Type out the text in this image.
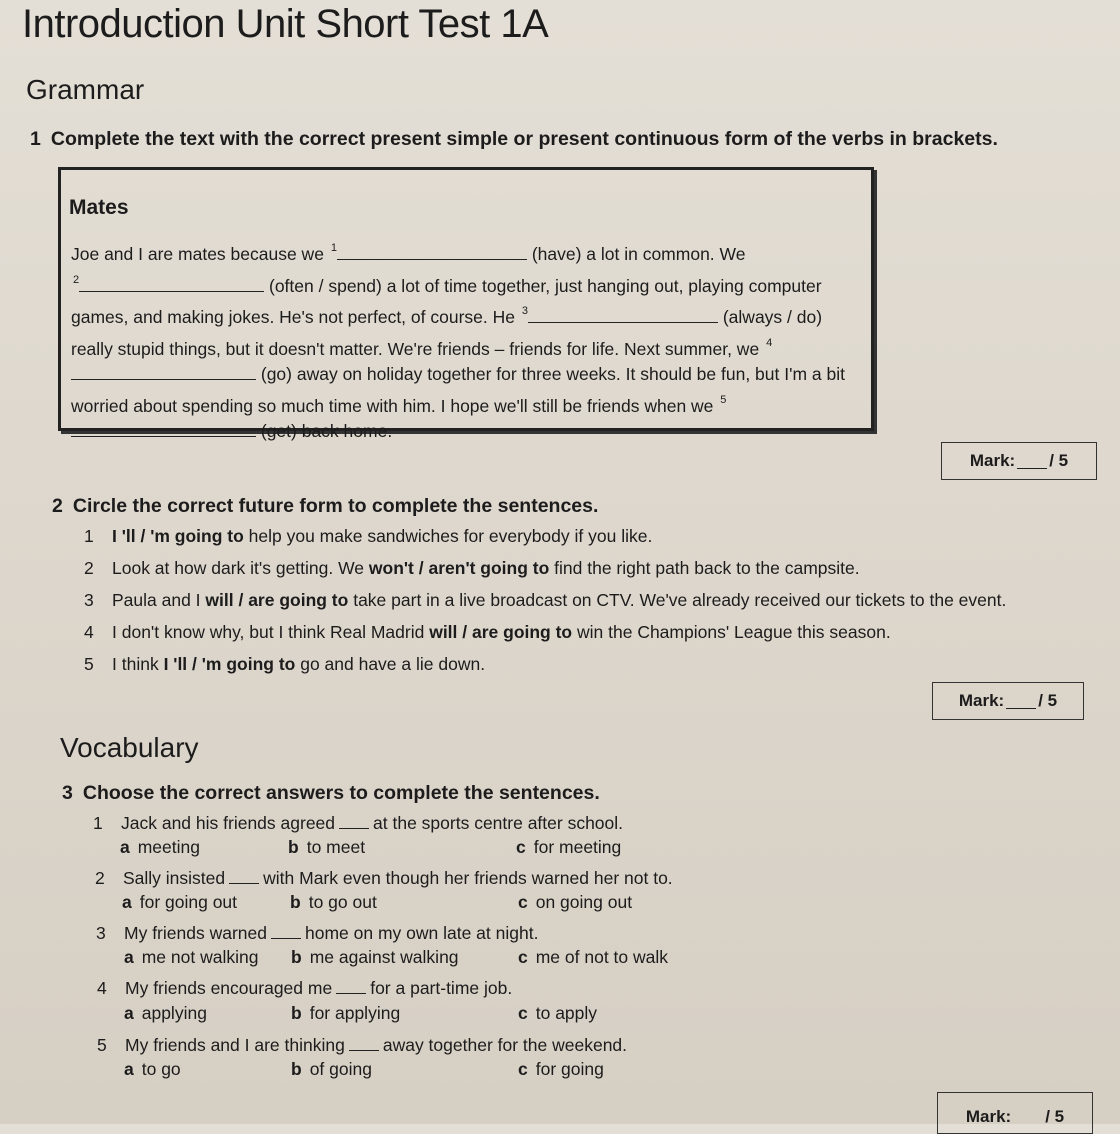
Introduction Unit Short Test 1A
Grammar
1 Complete the text with the correct present simple or present continuous form of the verbs in brackets.
Mates
Joe and I are mates because we $^1$	(have) a lot in common. We
$^2$	(often / spend) a lot of time together, just hanging out, playing computer games, and making jokes. He's not perfect, of course. He $^3$	(always / do) really stupid things, but it doesn't matter. We're friends – friends for life. Next summer, we $^4$ (go) away on holiday together for three weeks. It should be fun, but I'm a bit worried about spending so much time with him. I hope we'll still be friends when we $^5$ (get) back home.
Mark: / 5
2 Circle the correct future form to complete the sentences.
1 I 'll / 'm going to help you make sandwiches for everybody if you like.
2 Look at how dark it's getting. We won't / aren't going to find the right path back to the campsite.
3 Paula and I will / are going to take part in a live broadcast on CTV. We've already received our tickets to the event.
4 I don't know why, but I think Real Madrid will / are going to win the Champions' League this season.
5 I think I 'll / 'm going to go and have a lie down.
Mark: / 5
Vocabulary
3 Choose the correct answers to complete the sentences.
1 Jack and his friends agreed at the sports centre after school.
a meeting	b to meet	c for meeting
2 Sally insisted with Mark even though her friends warned her not to.
a for going out	b to go out	c on going out
3 My friends warned home on my own late at night.
a me not walking b me against walking	c me of not to walk
4 My friends encouraged me for a part-time job.
a applying	b for applying	c to apply
5 My friends and I are thinking away together for the weekend.
a to go	b of going	c for going
Mark: / 5
